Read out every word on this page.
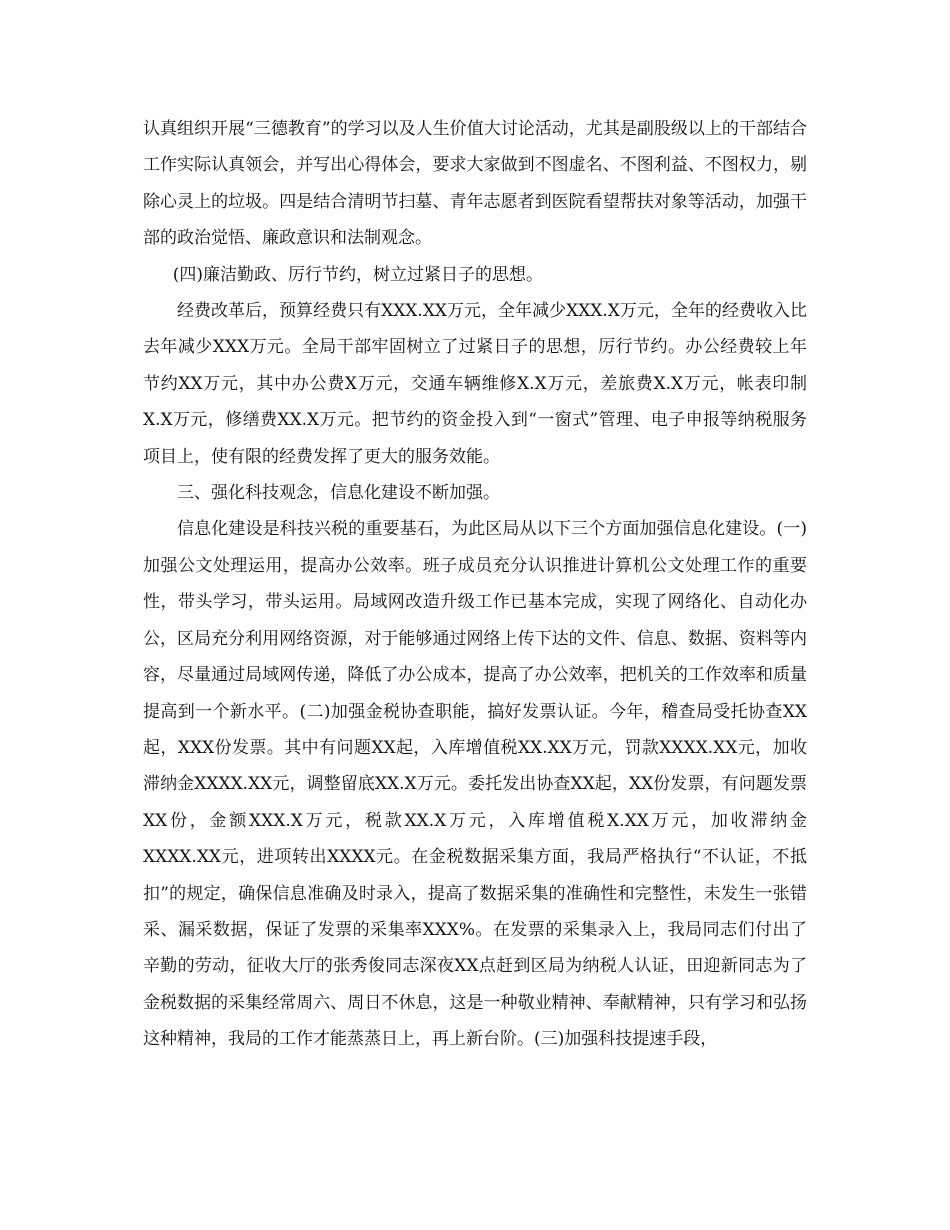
认真组织开展“三德教育”的学习以及人生价值大讨论活动，尤其是副股级以上的干部结合工作实际认真领会，并写出心得体会，要求大家做到不图虚名、不图利益、不图权力，剔除心灵上的垃圾。四是结合清明节扫墓、青年志愿者到医院看望帮扶对象等活动，加强干部的政治觉悟、廉政意识和法制观念。

(四)廉洁勤政、厉行节约，树立过紧日子的思想。

经费改革后，预算经费只有XXX.XX万元，全年减少XXX.X万元，全年的经费收入比去年减少XXX万元。全局干部牢固树立了过紧日子的思想，厉行节约。办公经费较上年节约XX万元，其中办公费X万元，交通车辆维修X.X万元，差旅费X.X万元，帐表印制X.X万元，修缮费XX.X万元。把节约的资金投入到“一窗式”管理、电子申报等纳税服务项目上，使有限的经费发挥了更大的服务效能。

三、强化科技观念，信息化建设不断加强。

信息化建设是科技兴税的重要基石，为此区局从以下三个方面加强信息化建设。(一)加强公文处理运用，提高办公效率。班子成员充分认识推进计算机公文处理工作的重要性，带头学习，带头运用。局域网改造升级工作已基本完成，实现了网络化、自动化办公，区局充分利用网络资源，对于能够通过网络上传下达的文件、信息、数据、资料等内容，尽量通过局域网传递，降低了办公成本，提高了办公效率，把机关的工作效率和质量提高到一个新水平。(二)加强金税协查职能，搞好发票认证。今年，稽查局受托协查XX起，XXX份发票。其中有问题XX起，入库增值税XX.XX万元，罚款XXXX.XX元，加收滞纳金XXXX.XX元，调整留底XX.X万元。委托发出协查XX起，XX份发票，有问题发票XX份，金额XXX.X万元，税款XX.X万元，入库增值税X.XX万元，加收滞纳金XXXX.XX元，进项转出XXXX元。在金税数据采集方面，我局严格执行“不认证，不抵扣”的规定，确保信息准确及时录入，提高了数据采集的准确性和完整性，未发生一张错采、漏采数据，保证了发票的采集率XXX%。在发票的采集录入上，我局同志们付出了辛勤的劳动，征收大厅的张秀俊同志深夜XX点赶到区局为纳税人认证，田迎新同志为了金税数据的采集经常周六、周日不休息，这是一种敬业精神、奉献精神，只有学习和弘扬这种精神，我局的工作才能蒸蒸日上，再上新台阶。(三)加强科技提速手段，
